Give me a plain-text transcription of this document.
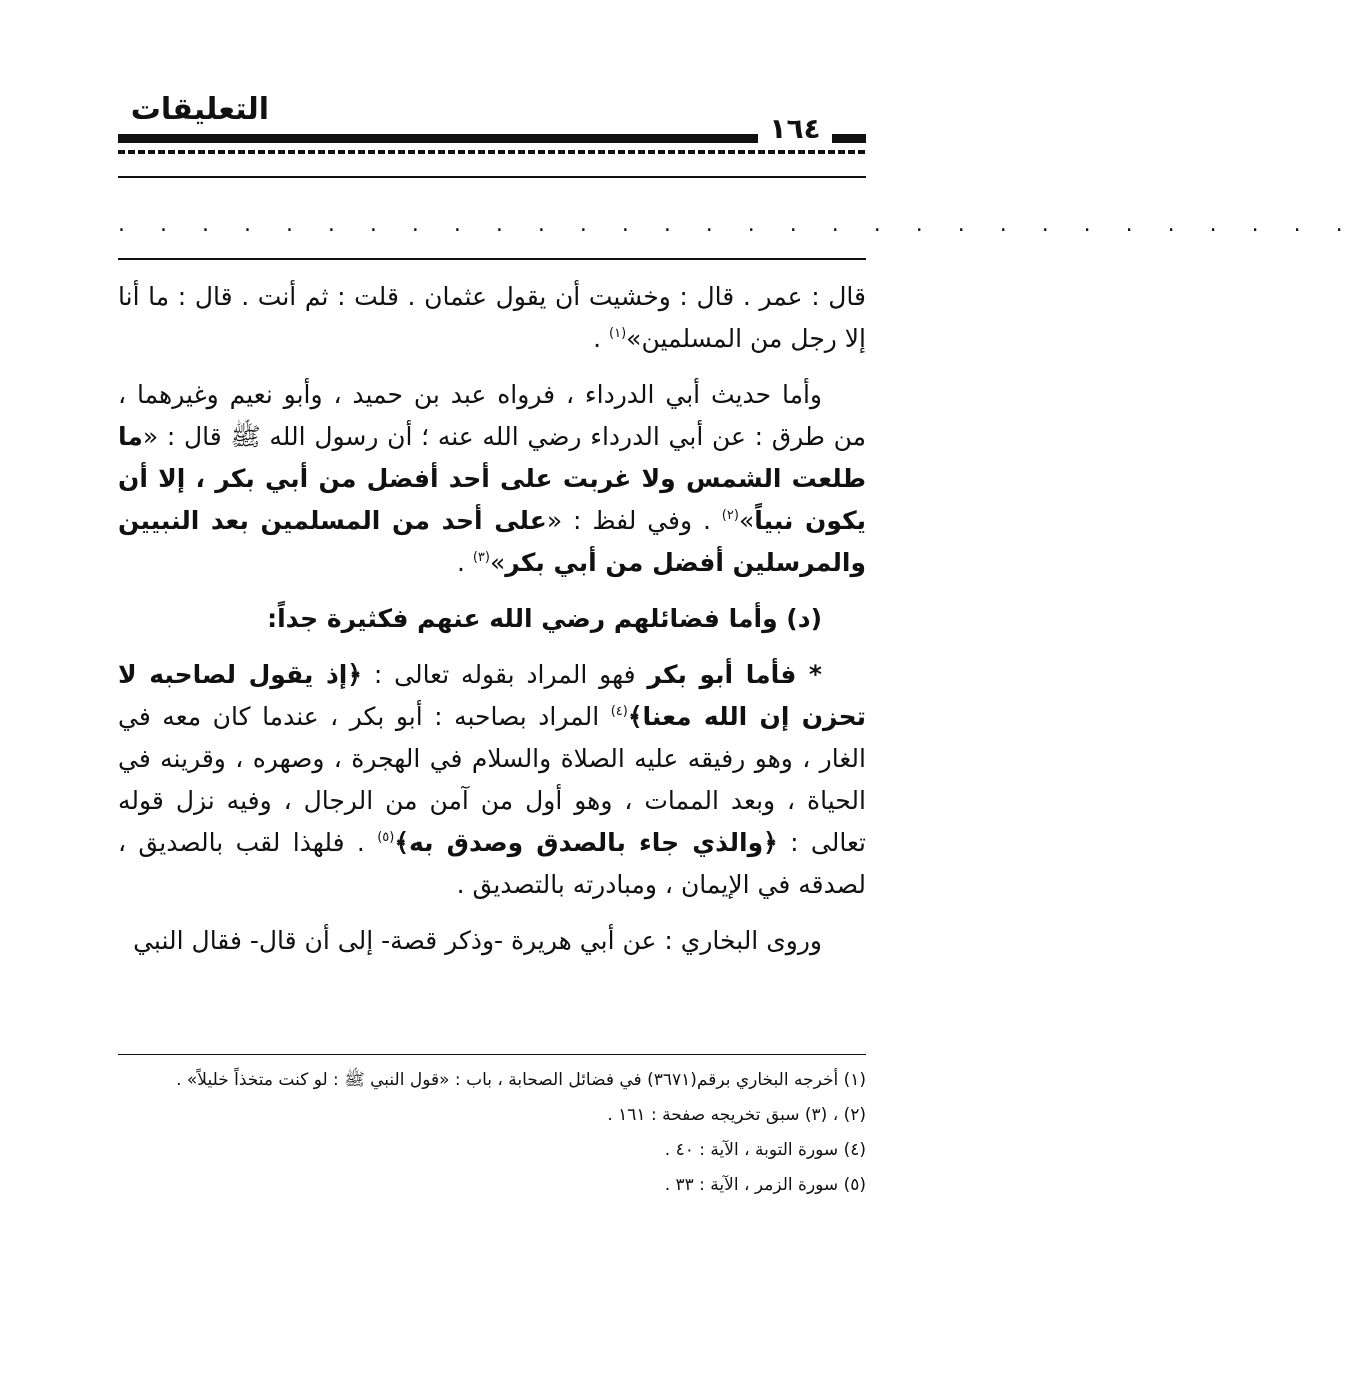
التعليقات
١٦٤
. . . . . . . . . . . . . . . . . . . . . . . . . . . . . .

قال : عمر . قال : وخشيت أن يقول عثمان . قلت : ثم أنت . قال : ما أنا إلا رجل من المسلمين»$^{(١)}$ .

وأما حديث أبي الدرداء ، فرواه عبد بن حميد ، وأبو نعيم وغيرهما ، من طرق : عن أبي الدرداء رضي الله عنه ؛ أن رسول الله ﷺ قال : «ما طلعت الشمس ولا غربت على أحد أفضل من أبي بكر ، إلا أن يكون نبياً»$^{(٢)}$ . وفي لفظ : «على أحد من المسلمين بعد النبيين والمرسلين أفضل من أبي بكر»$^{(٣)}$ .

(د) وأما فضائلهم رضي الله عنهم فكثيرة جداً:

* فأما أبو بكر فهو المراد بقوله تعالى : ﴿إذ يقول لصاحبه لا تحزن إن الله معنا﴾$^{(٤)}$ المراد بصاحبه : أبو بكر ، عندما كان معه في الغار ، وهو رفيقه عليه الصلاة والسلام في الهجرة ، وصهره ، وقرينه في الحياة ، وبعد الممات ، وهو أول من آمن من الرجال ، وفيه نزل قوله تعالى : ﴿والذي جاء بالصدق وصدق به﴾$^{(٥)}$ . فلهذا لقب بالصديق ، لصدقه في الإيمان ، ومبادرته بالتصديق .

وروى البخاري : عن أبي هريرة -وذكر قصة- إلى أن قال- فقال النبي

(١) أخرجه البخاري برقم(٣٦٧١) في فضائل الصحابة ، باب : «قول النبي ﷺ : لو كنت متخذاً خليلاً» .
(٢) ، (٣) سبق تخريجه صفحة : ١٦١ .
(٤) سورة التوبة ، الآية : ٤٠ .
(٥) سورة الزمر ، الآية : ٣٣ .
